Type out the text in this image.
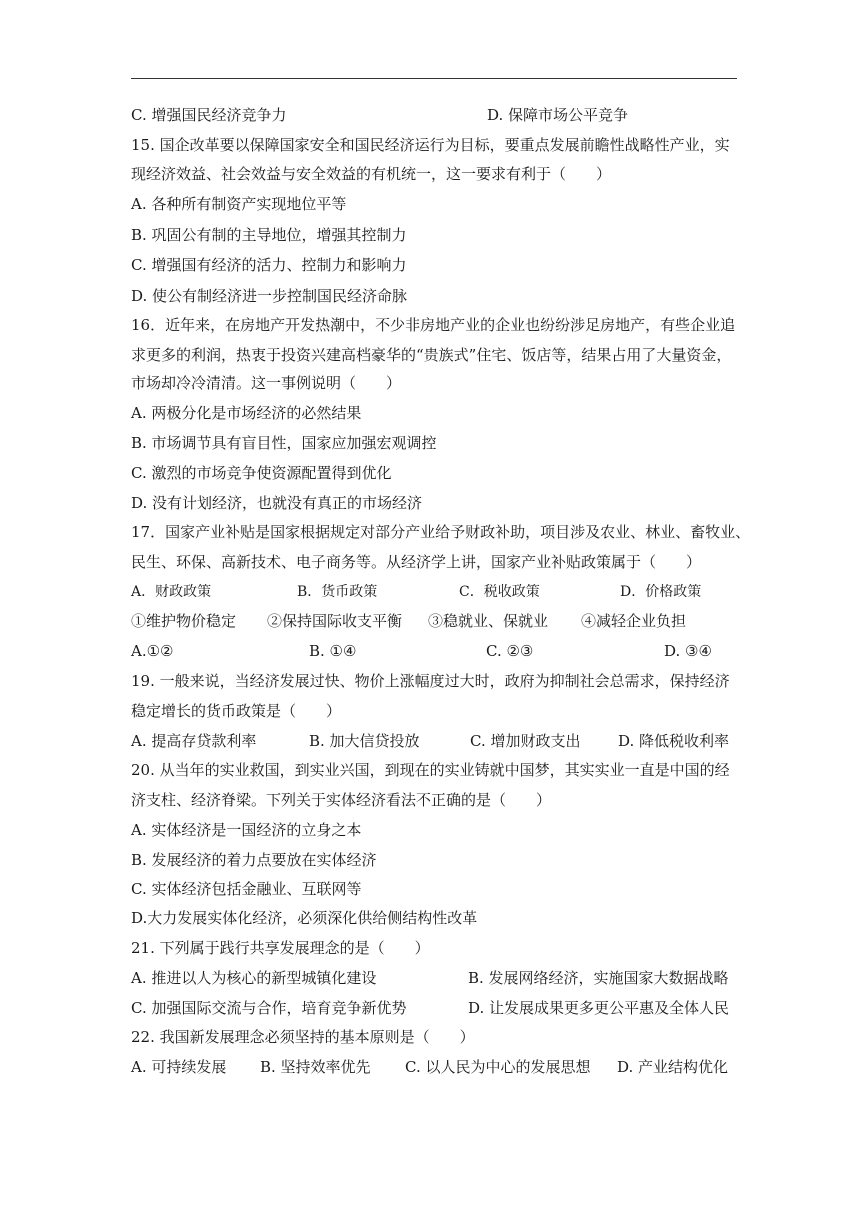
C. 增强国民经济竞争力	D. 保障市场公平竞争
15. 国企改革要以保障国家安全和国民经济运行为目标，要重点发展前瞻性战略性产业，实
现经济效益、社会效益与安全效益的有机统一，这一要求有利于（　　）
A. 各种所有制资产实现地位平等
B. 巩固公有制的主导地位，增强其控制力
C. 增强国有经济的活力、控制力和影响力
D. 使公有制经济进一步控制国民经济命脉
16．近年来，在房地产开发热潮中，不少非房地产业的企业也纷纷涉足房地产，有些企业追
求更多的利润，热衷于投资兴建高档豪华的“贵族式”住宅、饭店等，结果占用了大量资金，
市场却冷冷清清。这一事例说明（　　）
A. 两极分化是市场经济的必然结果
B. 市场调节具有盲目性，国家应加强宏观调控
C. 激烈的市场竞争使资源配置得到优化
D. 没有计划经济，也就没有真正的市场经济
17．国家产业补贴是国家根据规定对部分产业给予财政补助，项目涉及农业、林业、畜牧业、
民生、环保、高新技术、电子商务等。从经济学上讲，国家产业补贴政策属于（　　）
A．财政政策	B．货币政策	C．税收政策	D．价格政策
①维护物价稳定 ②保持国际收支平衡 ③稳就业、保就业 ④减轻企业负担
A.①②	B. ①④	C. ②③	D. ③④
19. 一般来说，当经济发展过快、物价上涨幅度过大时，政府为抑制社会总需求，保持经济
稳定增长的货币政策是（　　）
A. 提高存贷款利率	B. 加大信贷投放	C. 增加财政支出	D. 降低税收利率
20. 从当年的实业救国，到实业兴国，到现在的实业铸就中国梦，其实实业一直是中国的经
济支柱、经济脊梁。下列关于实体经济看法不正确的是（　　）
A. 实体经济是一国经济的立身之本
B. 发展经济的着力点要放在实体经济
C. 实体经济包括金融业、互联网等
D.大力发展实体化经济，必须深化供给侧结构性改革
21. 下列属于践行共享发展理念的是（　　）
A. 推进以人为核心的新型城镇化建设	B. 发展网络经济，实施国家大数据战略
C. 加强国际交流与合作，培育竞争新优势	D. 让发展成果更多更公平惠及全体人民
22. 我国新发展理念必须坚持的基本原则是（　　）
A. 可持续发展 B. 坚持效率优先 C. 以人民为中心的发展思想 D. 产业结构优化
